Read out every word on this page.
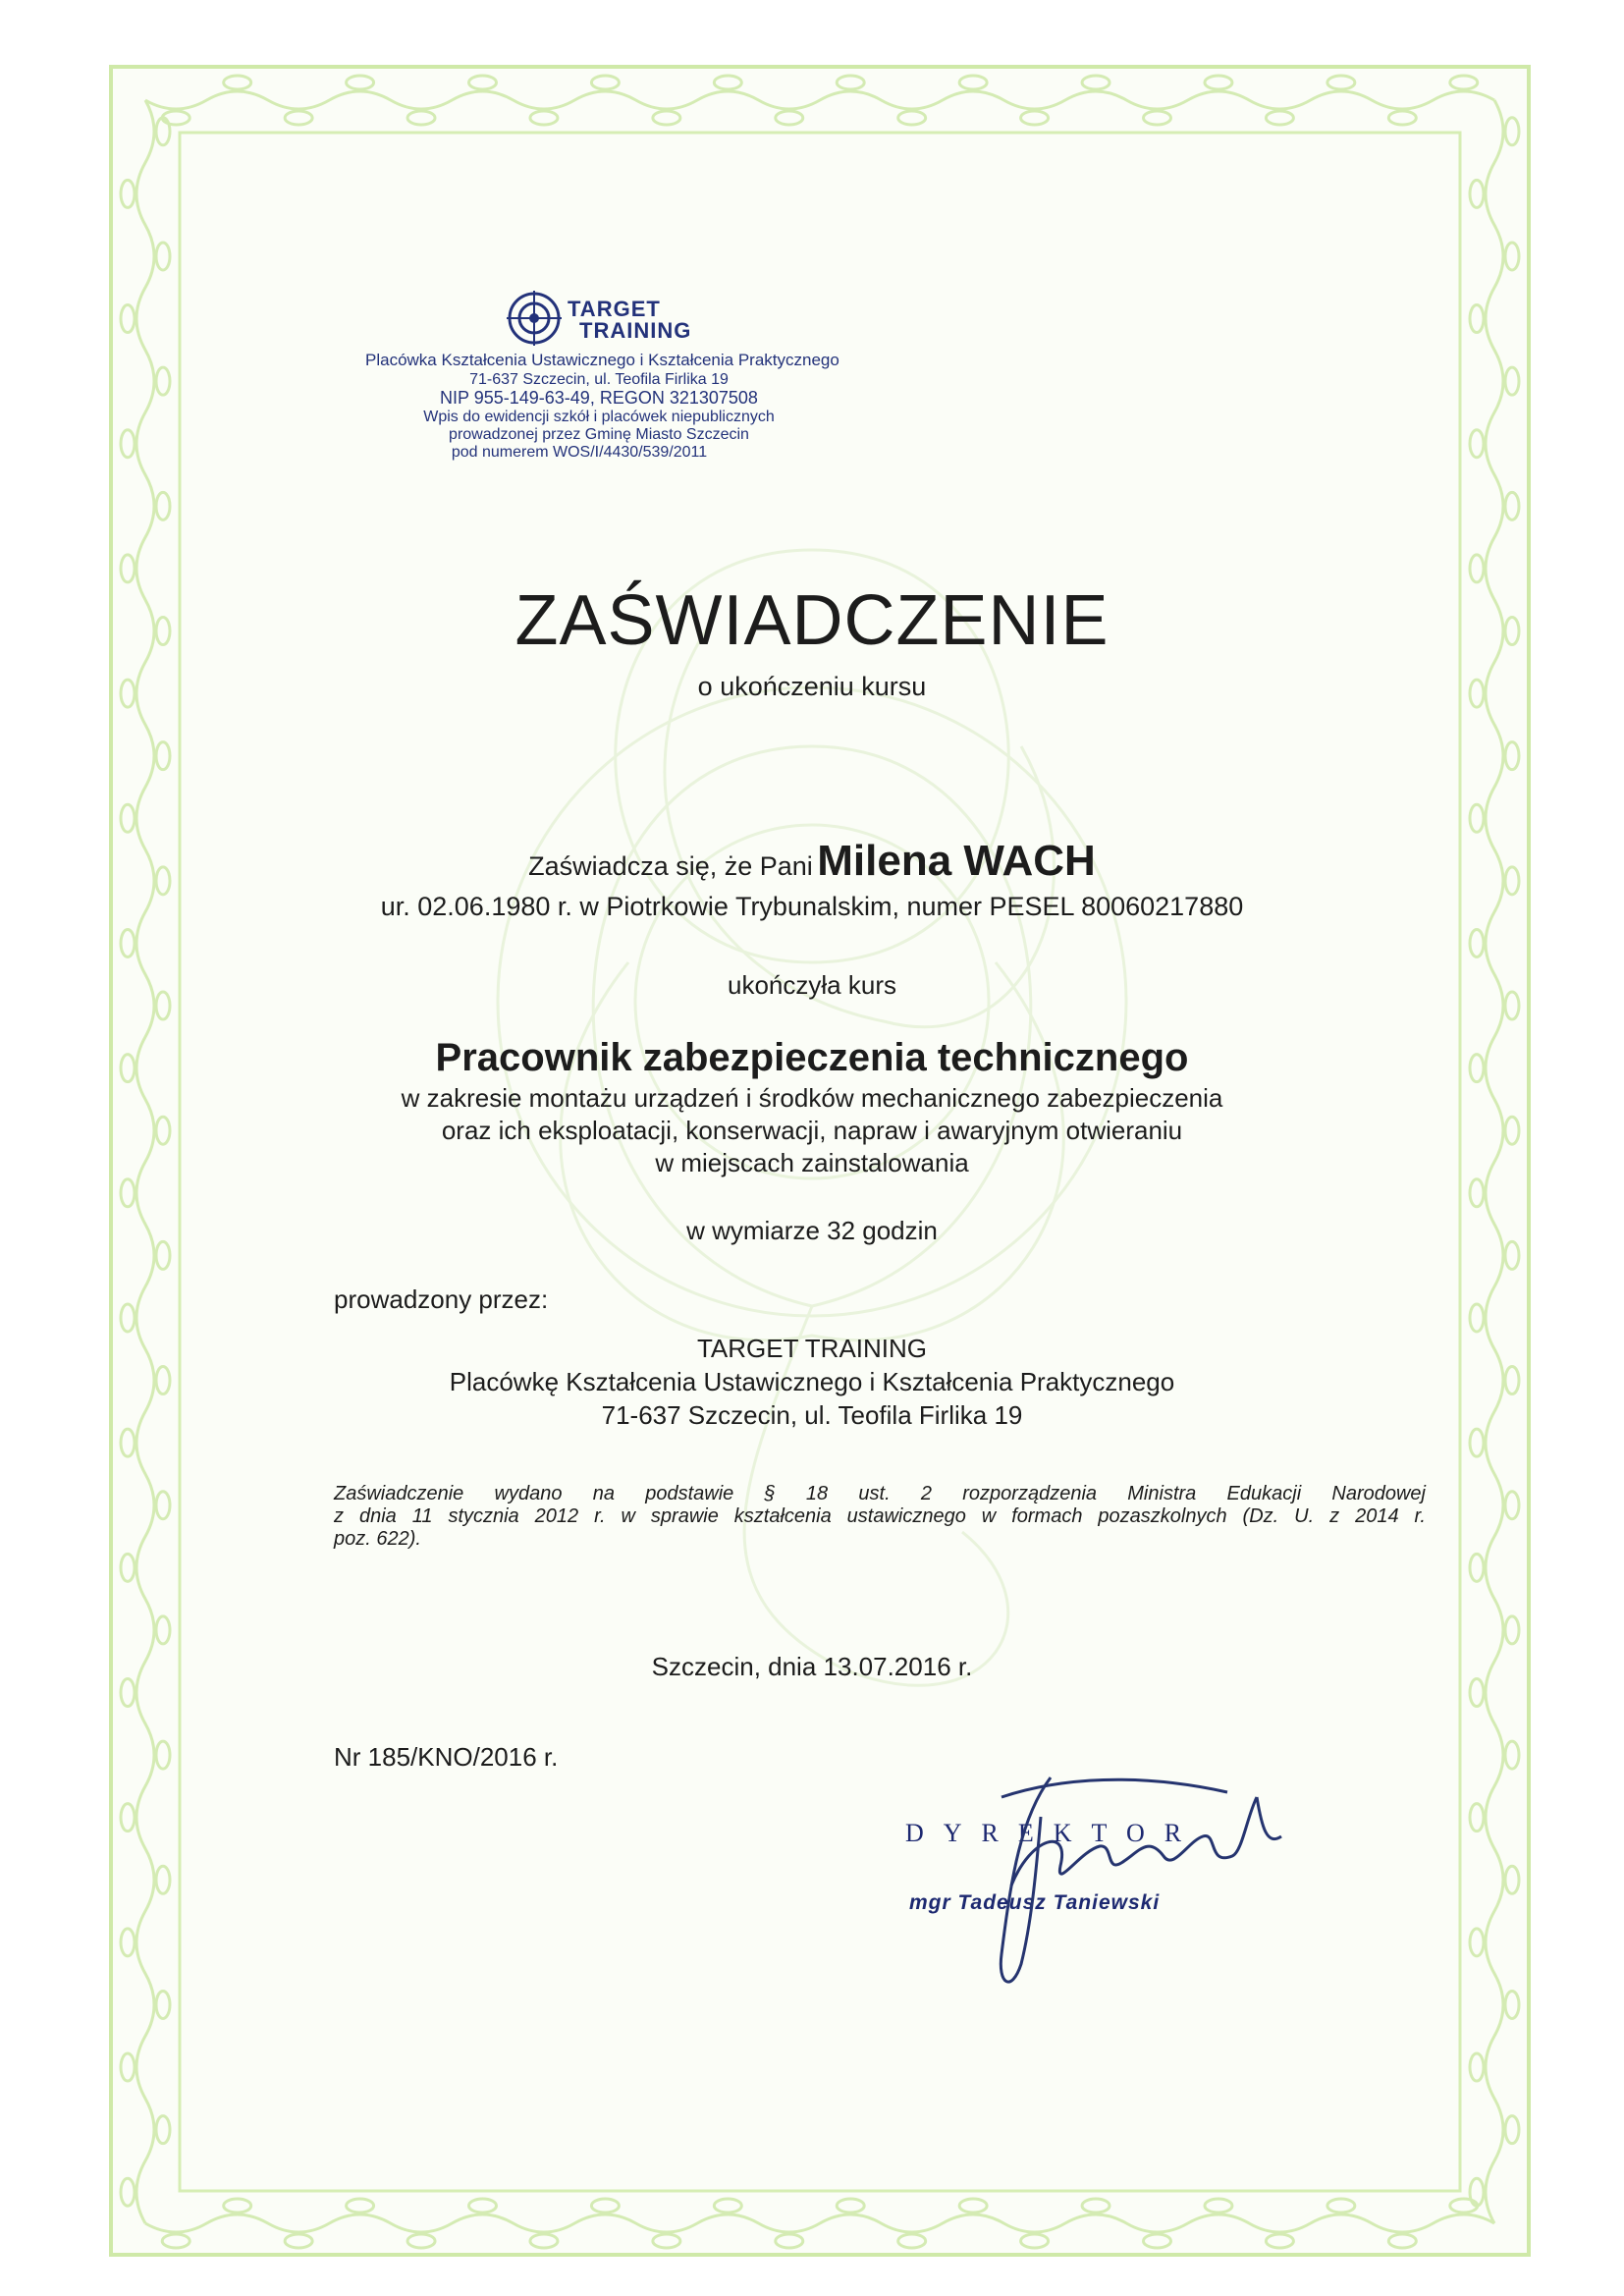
TARGET
TRAINING
Placówka Kształcenia Ustawicznego i Kształcenia Praktycznego
71-637 Szczecin, ul. Teofila Firlika 19
NIP 955-149-63-49, REGON 321307508
Wpis do ewidencji szkół i placówek niepublicznych
prowadzonej przez Gminę Miasto Szczecin
pod numerem WOS/I/4430/539/2011
ZAŚWIADCZENIE
o ukończeniu kursu
Zaświadcza się, że Pani Milena WACH
ur. 02.06.1980 r. w Piotrkowie Trybunalskim, numer PESEL 80060217880
ukończyła kurs
Pracownik zabezpieczenia technicznego
w zakresie montażu urządzeń i środków mechanicznego zabezpieczenia
oraz ich eksploatacji, konserwacji, napraw i awaryjnym otwieraniu
w miejscach zainstalowania
w wymiarze 32 godzin
prowadzony przez:
TARGET TRAINING
Placówkę Kształcenia Ustawicznego i Kształcenia Praktycznego
71-637 Szczecin, ul. Teofila Firlika 19
Zaświadczenie wydano na podstawie § 18 ust. 2 rozporządzenia Ministra Edukacji Narodowej
z dnia 11 stycznia 2012 r. w sprawie kształcenia ustawicznego w formach pozaszkolnych (Dz. U. z 2014 r.
poz. 622).
Szczecin, dnia 13.07.2016 r.
Nr 185/KNO/2016 r.
DYREKTOR
mgr Tadeusz Taniewski
